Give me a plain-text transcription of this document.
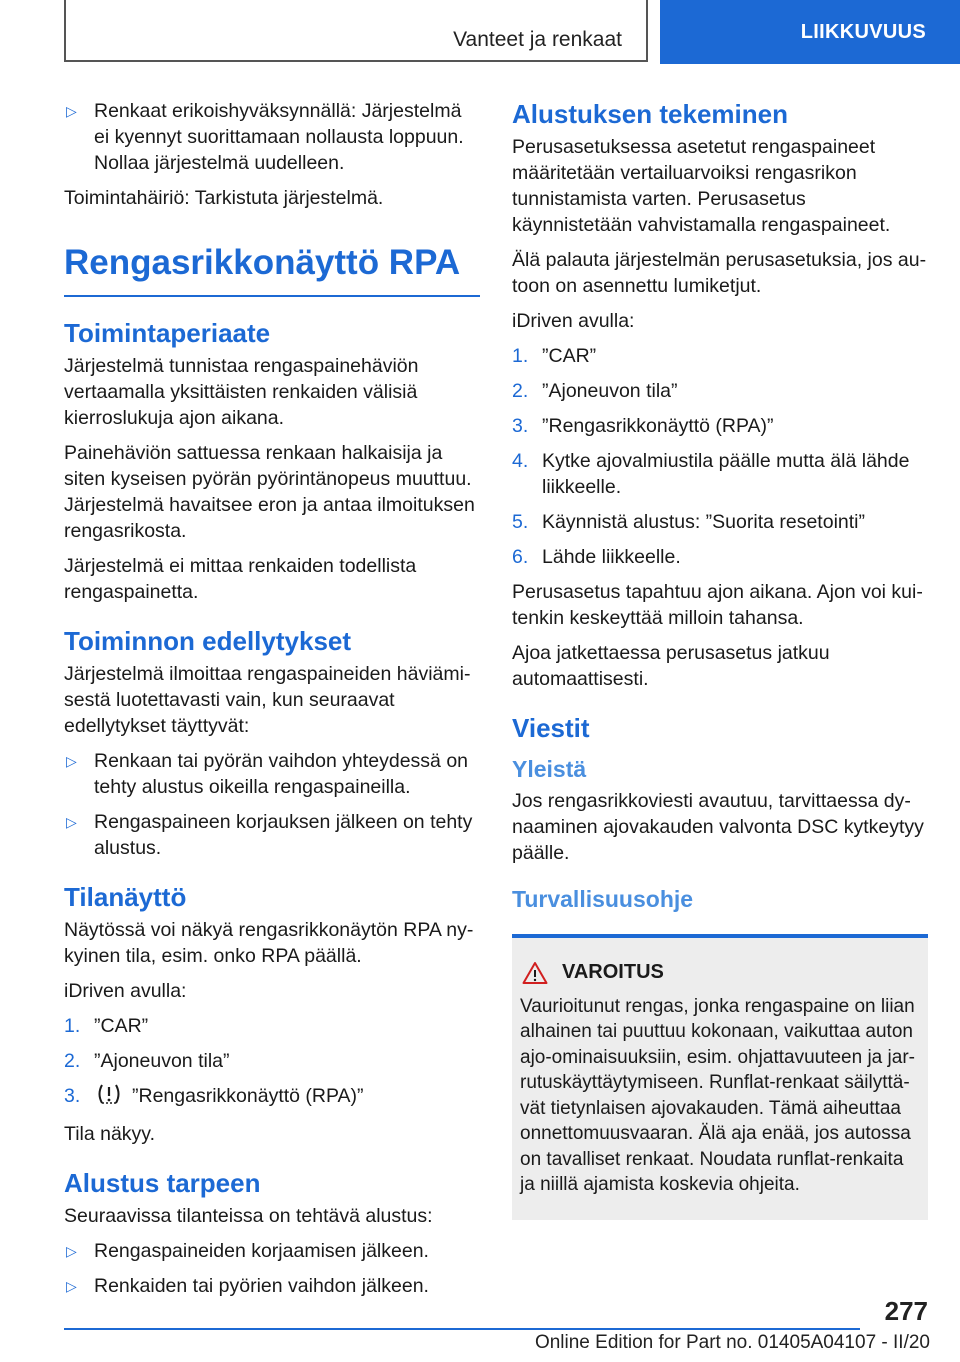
Vanteet ja renkaat	LIIKKUVUUS
▷ Renkaat erikoishyväksynnällä: Järjestelmä ei kyennyt suorittamaan nollausta loppuun. Nollaa järjestelmä uudelleen.

Toimintahäiriö: Tarkistuta järjestelmä.

Rengasrikkonäyttö RPA
Toimintaperiaate

Järjestelmä tunnistaa rengaspainehäviön vertaamalla yksittäisten renkaiden välisiä kierroslukuja ajon aikana.

Painehäviön sattuessa renkaan halkaisija ja siten kyseisen pyörän pyörintänopeus muuttuu. Järjestelmä havaitsee eron ja antaa ilmoituksen rengasrikosta.

Järjestelmä ei mittaa renkaiden todellista rengaspainetta.

Toiminnon edellytykset

Järjestelmä ilmoittaa rengaspaineiden häviämisestä luotettavasti vain, kun seuraavat edellytykset täyttyvät:

▷ Renkaan tai pyörän vaihdon yhteydessä on tehty alustus oikeilla rengaspaineilla.
▷ Rengaspaineen korjauksen jälkeen on tehty alustus.
Tilanäyttö

Näytössä voi näkyä rengasrikkonäytön RPA nykyinen tila, esim. onko RPA päällä.

iDriven avulla:

1. ”CAR”
2. ”Ajoneuvon tila”
3.	”Rengasrikkonäyttö (RPA)”

Tila näkyy.

Alustus tarpeen

Seuraavissa tilanteissa on tehtävä alustus:

▷ Rengaspaineiden korjaamisen jälkeen.
▷ Renkaiden tai pyörien vaihdon jälkeen.
Alustuksen tekeminen

Perusasetuksessa asetetut rengaspaineet määritetään vertailuarvoiksi rengasrikon tunnistamista varten. Perusasetus käynnistetään vahvistamalla rengaspaineet.

Älä palauta järjestelmän perusasetuksia, jos autoon on asennettu lumiketjut.

iDriven avulla:

1. ”CAR”
2. ”Ajoneuvon tila”
3. ”Rengasrikkonäyttö (RPA)”
4. Kytke ajovalmiustila päälle mutta älä lähde liikkeelle.
5. Käynnistä alustus: ”Suorita resetointi”
6. Lähde liikkeelle.

Perusasetus tapahtuu ajon aikana. Ajon voi kuitenkin keskeyttää milloin tahansa.

Ajoa jatkettaessa perusasetus jatkuu automaattisesti.

Viestit
Yleistä

Jos rengasrikkoviesti avautuu, tarvittaessa dynaaminen ajovakauden valvonta DSC kytkeytyy päälle.

Turvallisuusohje
VAROITUS
Vaurioitunut rengas, jonka rengaspaine on liian alhainen tai puuttuu kokonaan, vaikuttaa auton ajo-ominaisuuksiin, esim. ohjattavuuteen ja jarrutuskäyttäytymiseen. Runflat-renkaat säilyttävät tietynlaisen ajovakauden. Tämä aiheuttaa onnettomuusvaaran. Älä aja enää, jos autossa on tavalliset renkaat. Noudata runflat-renkaita ja niillä ajamista koskevia ohjeita.
277
Online Edition for Part no. 01405A04107 - II/20
